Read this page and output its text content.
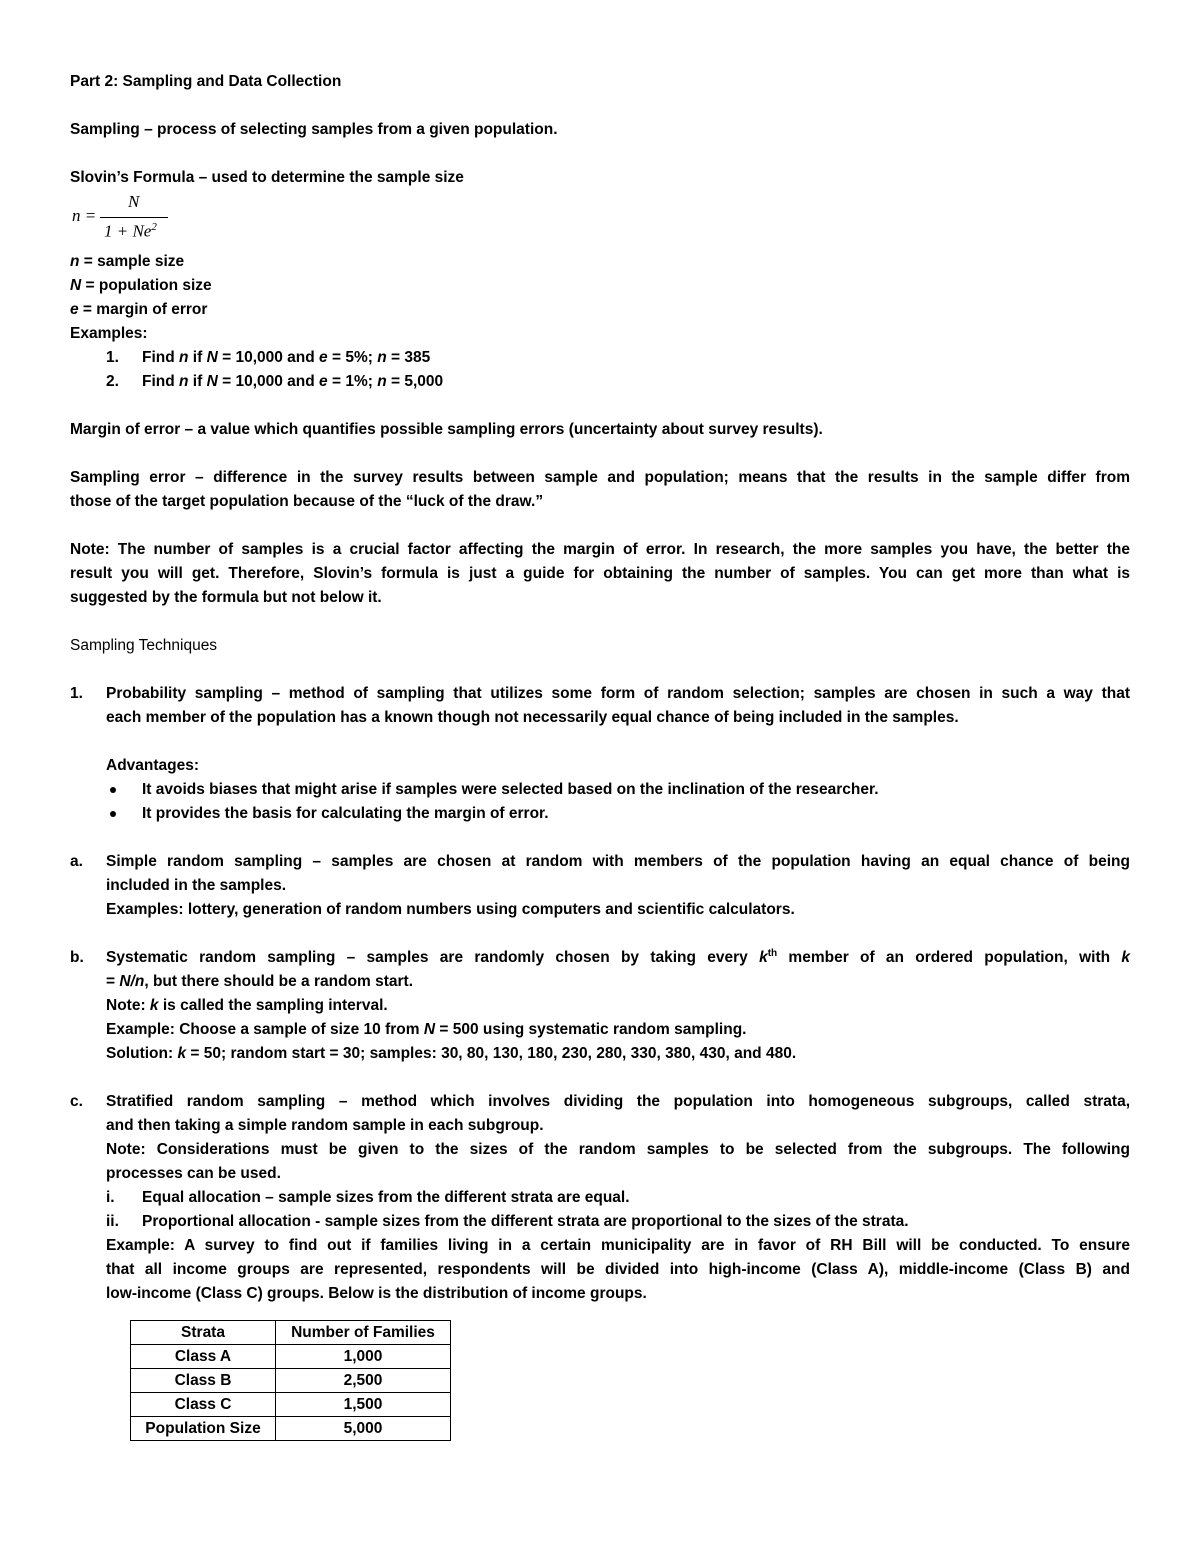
Part 2: Sampling and Data Collection
Sampling – process of selecting samples from a given population.
Slovin’s Formula – used to determine the sample size
n =
N
$1 + Ne^2$
n = sample size
N = population size
e = margin of error
Examples:
1. Find n if N = 10,000 and e = 5%; n = 385
2. Find n if N = 10,000 and e = 1%; n = 5,000
Margin of error – a value which quantifies possible sampling errors (uncertainty about survey results).
Sampling error – difference in the survey results between sample and population; means that the results in the sample differ from
those of the target population because of the “luck of the draw.”
Note: The number of samples is a crucial factor affecting the margin of error. In research, the more samples you have, the better the
result you will get. Therefore, Slovin’s formula is just a guide for obtaining the number of samples. You can get more than what is
suggested by the formula but not below it.
Sampling Techniques
1. Probability sampling – method of sampling that utilizes some form of random selection; samples are chosen in such a way that
each member of the population has a known though not necessarily equal chance of being included in the samples.
Advantages:
It avoids biases that might arise if samples were selected based on the inclination of the researcher.
It provides the basis for calculating the margin of error.
a. Simple random sampling – samples are chosen at random with members of the population having an equal chance of being
included in the samples.
Examples: lottery, generation of random numbers using computers and scientific calculators.
b. Systematic random sampling – samples are randomly chosen by taking every $k^{th}$ member of an ordered population, with k
= N/n, but there should be a random start.
Note: k is called the sampling interval.
Example: Choose a sample of size 10 from N = 500 using systematic random sampling.
Solution: k = 50; random start = 30; samples: 30, 80, 130, 180, 230, 280, 330, 380, 430, and 480.
c. Stratified random sampling – method which involves dividing the population into homogeneous subgroups, called strata,
and then taking a simple random sample in each subgroup.
Note: Considerations must be given to the sizes of the random samples to be selected from the subgroups. The following
processes can be used.
i. Equal allocation – sample sizes from the different strata are equal.
ii. Proportional allocation - sample sizes from the different strata are proportional to the sizes of the strata.
Example: A survey to find out if families living in a certain municipality are in favor of RH Bill will be conducted. To ensure
that all income groups are represented, respondents will be divided into high-income (Class A), middle-income (Class B) and
low-income (Class C) groups. Below is the distribution of income groups.
Strata	Number of Families
Class A	1,000
Class B	2,500
Class C	1,500
Population Size	5,000
